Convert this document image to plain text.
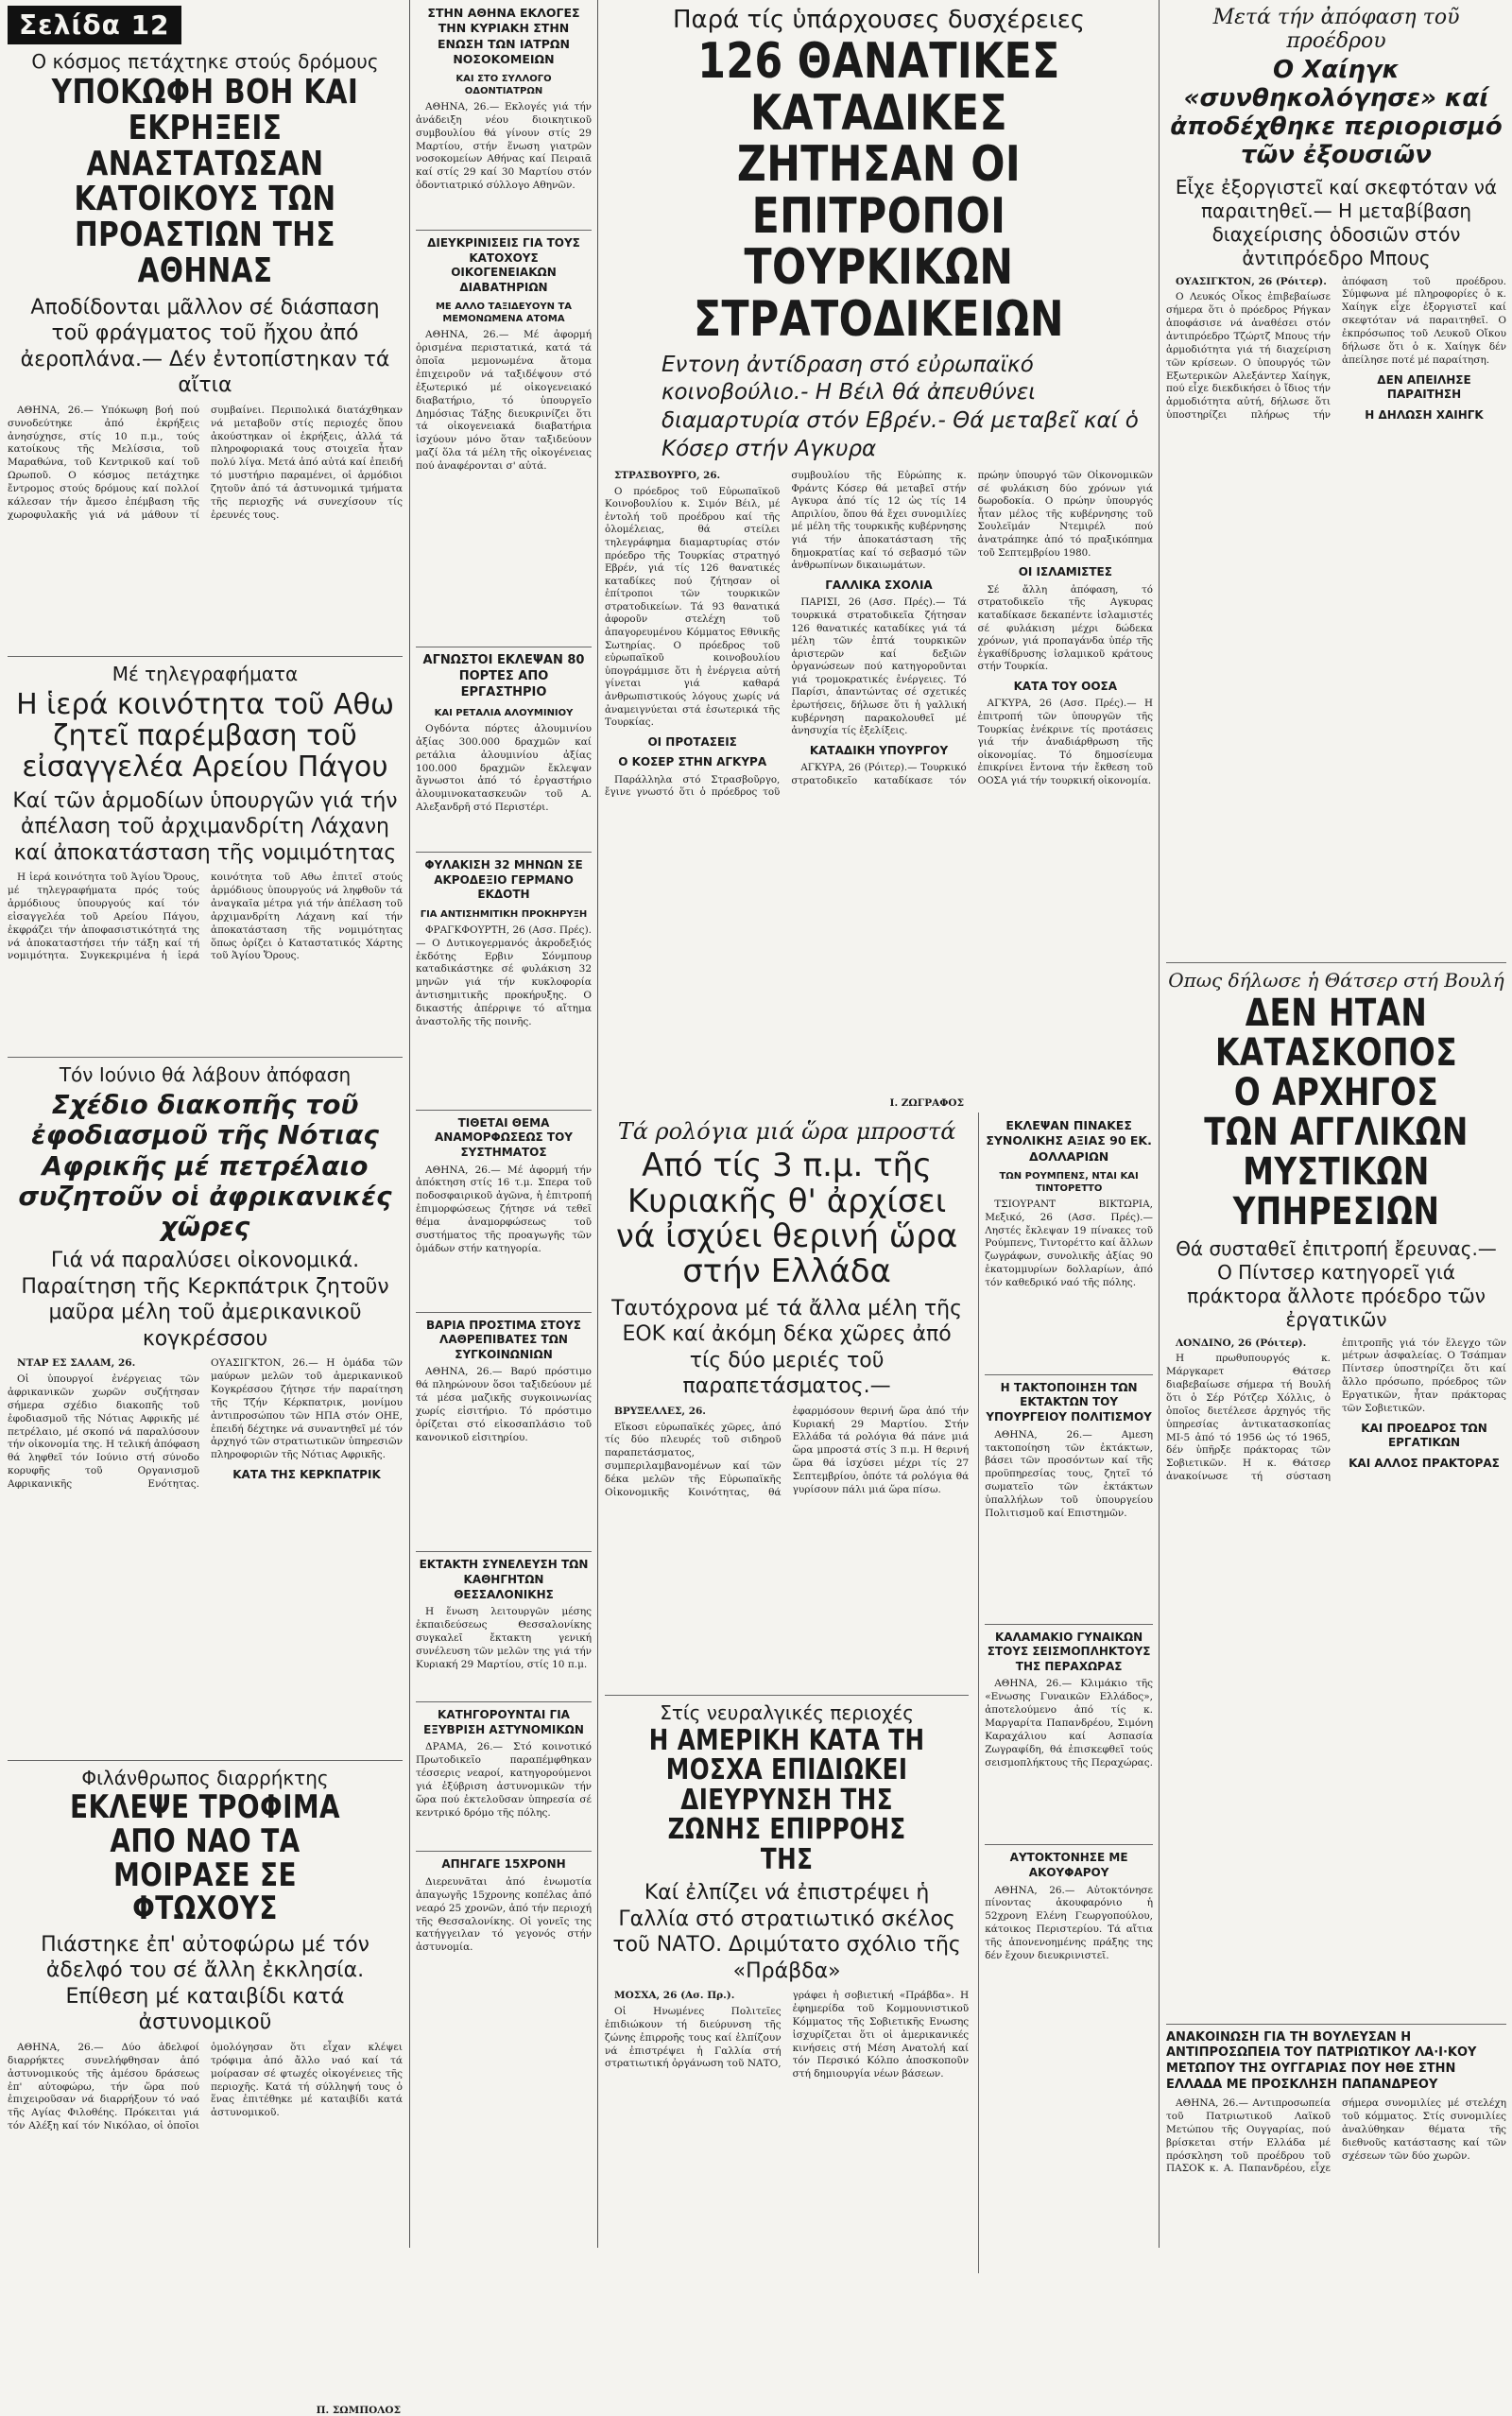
Σελίδα 12
Ο κόσμος πετάχτηκε στούς δρόμους
ΥΠΟΚΩΦΗ ΒΟΗ ΚΑΙ ΕΚΡΗΞΕΙΣ ΑΝΑΣΤΑΤΩΣΑΝ ΚΑΤΟΙΚΟΥΣ ΤΩΝ ΠΡΟΑΣΤΙΩΝ ΤΗΣ ΑΘΗΝΑΣ
Αποδίδονται μᾶλλον σέ διάσπαση τοῦ φράγματος τοῦ ἤχου ἀπό ἀεροπλάνα.— Δέν ἐντοπίστηκαν τά αἴτια

ΑΘΗΝΑ, 26.— Υπόκωφη βοή πού συνοδεύτηκε ἀπό ἐκρήξεις ἀνησύχησε, στίς 10 π.μ., τούς κατοίκους τῆς Μελίσσια, τοῦ Μαραθώνα, τοῦ Κεντρικοῦ καί τοῦ Ωρωποῦ. Ο κόσμος πετάχτηκε ἔντρομος στούς δρόμους καί πολλοί κάλεσαν τήν ἄμεσο ἐπέμβαση τῆς χωροφυλακῆς γιά νά μάθουν τί συμβαίνει. Περιπολικά διατάχθηκαν νά μεταβοῦν στίς περιοχές ὅπου ἀκούστηκαν οἱ ἐκρήξεις, ἀλλά τά πληροφοριακά τους στοιχεῖα ἦταν πολύ λίγα. Μετά ἀπό αὐτά καί ἐπειδή τό μυστήριο παραμένει, οἱ ἁρμόδιοι ζητοῦν ἀπό τά ἀστυνομικά τμήματα τῆς περιοχῆς νά συνεχίσουν τίς ἐρευνές τους.

Μέ τηλεγραφήματα
Η ἱερά κοινότητα τοῦ Αθω ζητεῖ παρέμβαση τοῦ εἰσαγγελέα Αρείου Πάγου
Καί τῶν ἁρμοδίων ὑπουργῶν γιά τήν ἀπέλαση τοῦ ἀρχιμανδρίτη Λάχανη καί ἀποκατάσταση τῆς νομιμότητας

Η ἱερά κοινότητα τοῦ Ἁγίου Ὄρους, μέ τηλεγραφήματα πρός τούς ἁρμόδιους ὑπουργούς καί τόν εἰσαγγελέα τοῦ Αρείου Πάγου, ἐκφράζει τήν ἀποφασιστικότητά της νά ἀποκαταστήσει τήν τάξη καί τή νομιμότητα. Συγκεκριμένα ἡ ἱερά κοινότητα τοῦ Αθω ἐπιτεῖ στούς ἁρμόδιους ὑπουργούς νά ληφθοῦν τά ἀναγκαῖα μέτρα γιά τήν ἀπέλαση τοῦ ἀρχιμανδρίτη Λάχανη καί τήν ἀποκατάσταση τῆς νομιμότητας ὅπως ὁρίζει ὁ Καταστατικός Χάρτης τοῦ Ἁγίου Ὄρους.

Τόν Ιούνιο θά λάβουν ἀπόφαση
Σχέδιο διακοπῆς τοῦ ἐφοδιασμοῦ τῆς Νότιας Αφρικῆς μέ πετρέλαιο συζητοῦν οἱ ἀφρικανικές χῶρες
Γιά νά παραλύσει οἰκονομικά. Παραίτηση τῆς Κερκπάτρικ ζητοῦν μαῦρα μέλη τοῦ ἀμερικανικοῦ κογκρέσσου

ΝΤΑΡ ΕΣ ΣΑΛΑΜ, 26.

Οἱ ὑπουργοί ἐνέργειας τῶν ἀφρικανικῶν χωρῶν συζήτησαν σήμερα σχέδιο διακοπῆς τοῦ ἐφοδιασμοῦ τῆς Νότιας Αφρικῆς μέ πετρέλαιο, μέ σκοπό νά παραλύσουν τήν οἰκονομία της. Η τελική ἀπόφαση θά ληφθεῖ τόν Ιούνιο στή σύνοδο κορυφῆς τοῦ Οργανισμοῦ Αφρικανικῆς Ενότητας. ΟΥΑΣΙΓΚΤΟΝ, 26.— Η ὁμάδα τῶν μαύρων μελῶν τοῦ ἀμερικανικοῦ Κογκρέσσου ζήτησε τήν παραίτηση τῆς Τζήν Κέρκπατρικ, μονίμου ἀντιπροσώπου τῶν ΗΠΑ στόν ΟΗΕ, ἐπειδή δέχτηκε νά συναντηθεῖ μέ τόν ἀρχηγό τῶν στρατιωτικῶν ὑπηρεσιῶν πληροφοριῶν τῆς Νότιας Αφρικῆς.

ΚΑΤΑ ΤΗΣ ΚΕΡΚΠΑΤΡΙΚ
Φιλάνθρωπος διαρρήκτης
ΕΚΛΕΨΕ ΤΡΟΦΙΜΑ ΑΠΟ ΝΑΟ ΤΑ ΜΟΙΡΑΣΕ ΣΕ ΦΤΩΧΟΥΣ
Πιάστηκε ἐπ' αὐτοφώρω μέ τόν ἀδελφό του σέ ἄλλη ἐκκλησία. Επίθεση μέ καταιβίδι κατά ἀστυνομικοῦ

ΑΘΗΝΑ, 26.— Δύο ἀδελφοί διαρρήκτες συνελήφθησαν ἀπό ἀστυνομικούς τῆς ἀμέσου δράσεως ἐπ' αὐτοφώρω, τήν ὥρα πού ἐπιχειροῦσαν νά διαρρήξουν τό ναό τῆς Αγίας Φιλοθέης. Πρόκειται γιά τόν Αλέξη καί τόν Νικόλαο, οἱ ὁποῖοι ὁμολόγησαν ὅτι εἶχαν κλέψει τρόφιμα ἀπό ἄλλο ναό καί τά μοίρασαν σέ φτωχές οἰκογένειες τῆς περιοχῆς. Κατά τή σύλληψή τους ὁ ἕνας ἐπιτέθηκε μέ καταιβίδι κατά ἀστυνομικοῦ.

Π. ΣΩΜΠΟΛΟΣ
ΣΤΗΝ ΑΘΗΝΑ ΕΚΛΟΓΕΣ ΤΗΝ ΚΥΡΙΑΚΗ ΣΤΗΝ ΕΝΩΣΗ ΤΩΝ ΙΑΤΡΩΝ ΝΟΣΟΚΟΜΕΙΩΝ
ΚΑΙ ΣΤΟ ΣΥΛΛΟΓΟ ΟΔΟΝΤΙΑΤΡΩΝ

ΑΘΗΝΑ, 26.— Εκλογές γιά τήν ἀνάδειξη νέου διοικητικοῦ συμβουλίου θά γίνουν στίς 29 Μαρτίου, στήν ἕνωση γιατρῶν νοσοκομείων Αθήνας καί Πειραιᾶ καί στίς 29 καί 30 Μαρτίου στόν ὀδοντιατρικό σύλλογο Αθηνῶν.

ΔΙΕΥΚΡΙΝΙΣΕΙΣ ΓΙΑ ΤΟΥΣ ΚΑΤΟΧΟΥΣ ΟΙΚΟΓΕΝΕΙΑΚΩΝ ΔΙΑΒΑΤΗΡΙΩΝ
ΜΕ ΑΛΛΟ ΤΑΞΙΔΕΥΟΥΝ ΤΑ ΜΕΜΟΝΩΜΕΝΑ ΑΤΟΜΑ

ΑΘΗΝΑ, 26.— Μέ ἀφορμή ὁρισμένα περιστατικά, κατά τά ὁποῖα μεμονωμένα ἄτομα ἐπιχειροῦν νά ταξιδέψουν στό ἐξωτερικό μέ οἰκογενειακό διαβατήριο, τό ὑπουργεῖο Δημόσιας Τάξης διευκρινίζει ὅτι τά οἰκογενειακά διαβατήρια ἰσχύουν μόνο ὅταν ταξιδεύουν μαζί ὅλα τά μέλη τῆς οἰκογένειας πού ἀναφέρονται σ' αὐτά.

ΑΓΝΩΣΤΟΙ ΕΚΛΕΨΑΝ 80 ΠΟΡΤΕΣ ΑΠΟ ΕΡΓΑΣΤΗΡΙΟ
ΚΑΙ ΡΕΤΑΛΙΑ ΑΛΟΥΜΙΝΙΟΥ

Ογδόντα πόρτες ἀλουμινίου ἀξίας 300.000 δραχμῶν καί ρετάλια ἀλουμινίου ἀξίας 100.000 δραχμῶν ἔκλεψαν ἄγνωστοι ἀπό τό ἐργαστήριο ἀλουμινοκατασκευῶν τοῦ Α. Αλεξανδρῆ στό Περιστέρι.

ΦΥΛΑΚΙΣΗ 32 ΜΗΝΩΝ ΣΕ ΑΚΡΟΔΕΞΙΟ ΓΕΡΜΑΝΟ ΕΚΔΟΤΗ
ΓΙΑ ΑΝΤΙΣΗΜΙΤΙΚΗ ΠΡΟΚΗΡΥΞΗ

ΦΡΑΓΚΦΟΥΡΤΗ, 26 (Ασσ. Πρές).— Ο Δυτικογερμανός ἀκροδεξιός ἐκδότης Ερβιν Σόνμπουρ καταδικάστηκε σέ φυλάκιση 32 μηνῶν γιά τήν κυκλοφορία ἀντισημιτικῆς προκήρυξης. Ο δικαστής ἀπέρριψε τό αἴτημα ἀναστολῆς τῆς ποινῆς.

ΤΙΘΕΤΑΙ ΘΕΜΑ ΑΝΑΜΟΡΦΩΣΕΩΣ ΤΟΥ ΣΥΣΤΗΜΑΤΟΣ

ΑΘΗΝΑ, 26.— Μέ ἀφορμή τήν ἀπόκτηση στίς 16 τ.μ. Σπερα τοῦ ποδοσφαιρικοῦ ἀγῶνα, ἡ ἐπιτροπή ἐπιμορφώσεως ζήτησε νά τεθεῖ θέμα ἀναμορφώσεως τοῦ συστήματος τῆς προαγωγῆς τῶν ὁμάδων στήν κατηγορία.

ΒΑΡΙΑ ΠΡΟΣΤΙΜΑ ΣΤΟΥΣ ΛΑΘΡΕΠΙΒΑΤΕΣ ΤΩΝ ΣΥΓΚΟΙΝΩΝΙΩΝ

ΑΘΗΝΑ, 26.— Βαρύ πρόστιμο θά πληρώνουν ὅσοι ταξιδεύουν μέ τά μέσα μαζικῆς συγκοινωνίας χωρίς εἰσιτήριο. Τό πρόστιμο ὁρίζεται στό εἰκοσαπλάσιο τοῦ κανονικοῦ εἰσιτηρίου.

ΕΚΤΑΚΤΗ ΣΥΝΕΛΕΥΣΗ ΤΩΝ ΚΑΘΗΓΗΤΩΝ ΘΕΣΣΑΛΟΝΙΚΗΣ

Η ἕνωση λειτουργῶν μέσης ἐκπαιδεύσεως Θεσσαλονίκης συγκαλεῖ ἔκτακτη γενική συνέλευση τῶν μελῶν της γιά τήν Κυριακή 29 Μαρτίου, στίς 10 π.μ.

ΚΑΤΗΓΟΡΟΥΝΤΑΙ ΓΙΑ ΕΞΥΒΡΙΣΗ ΑΣΤΥΝΟΜΙΚΩΝ

ΔΡΑΜΑ, 26.— Στό κοινοτικό Πρωτοδικεῖο παραπέμφθηκαν τέσσερις νεαροί, κατηγορούμενοι γιά ἐξύβριση ἀστυνομικῶν τήν ὥρα πού ἐκτελοῦσαν ὑπηρεσία σέ κεντρικό δρόμο τῆς πόλης.

ΑΠΗΓΑΓΕ 15ΧΡΟΝΗ

Διερευνᾶται ἀπό ἐνωμοτία ἀπαγωγῆς 15χρονης κοπέλας ἀπό νεαρό 25 χρονῶν, ἀπό τήν περιοχή τῆς Θεσσαλονίκης. Οἱ γονεῖς της κατήγγειλαν τό γεγονός στήν ἀστυνομία.

Παρά τίς ὑπάρχουσες δυσχέρειες
126 ΘΑΝΑΤΙΚΕΣ ΚΑΤΑΔΙΚΕΣ ΖΗΤΗΣΑΝ ΟΙ ΕΠΙΤΡΟΠΟΙ ΤΟΥΡΚΙΚΩΝ ΣΤΡΑΤΟΔΙΚΕΙΩΝ
Εντονη ἀντίδραση στό εὐρωπαϊκό κοινοβούλιο.- Η Βέιλ θά ἀπευθύνει διαμαρτυρία στόν Εβρέν.- Θά μεταβεῖ καί ὁ Κόσερ στήν Αγκυρα

ΣΤΡΑΣΒΟΥΡΓΟ, 26.

Ο πρόεδρος τοῦ Εὐρωπαϊκοῦ Κοινοβουλίου κ. Σιμόν Βέιλ, μέ ἐντολή τοῦ προέδρου καί τῆς ὁλομέλειας, θά στείλει τηλεγράφημα διαμαρτυρίας στόν πρόεδρο τῆς Τουρκίας στρατηγό Εβρέν, γιά τίς 126 θανατικές καταδίκες πού ζήτησαν οἱ ἐπίτροποι τῶν τουρκικῶν στρατοδικείων. Τά 93 θανατικά ἀφοροῦν στελέχη τοῦ ἀπαγορευμένου Κόμματος Εθνικῆς Σωτηρίας. Ο πρόεδρος τοῦ εὐρωπαϊκοῦ κοινοβουλίου ὑπογράμμισε ὅτι ἡ ἐνέργεια αὐτή γίνεται γιά καθαρά ἀνθρωπιστικούς λόγους χωρίς νά ἀναμειγνύεται στά ἐσωτερικά τῆς Τουρκίας.

ΟΙ ΠΡΟΤΑΣΕΙΣ
Ο ΚΟΣΕΡ ΣΤΗΝ ΑΓΚΥΡΑ

Παράλληλα στό Στρασβοῦργο, ἔγινε γνωστό ὅτι ὁ πρόεδρος τοῦ συμβουλίου τῆς Εὐρώπης κ. Φράντς Κόσερ θά μεταβεῖ στήν Αγκυρα ἀπό τίς 12 ὡς τίς 14 Απριλίου, ὅπου θά ἔχει συνομιλίες μέ μέλη τῆς τουρκικῆς κυβέρνησης γιά τήν ἀποκατάσταση τῆς δημοκρατίας καί τό σεβασμό τῶν ἀνθρωπίνων δικαιωμάτων.

ΓΑΛΛΙΚΑ ΣΧΟΛΙΑ

ΠΑΡΙΣΙ, 26 (Ασσ. Πρές).— Τά τουρκικά στρατοδικεῖα ζήτησαν 126 θανατικές καταδίκες γιά τά μέλη τῶν ἐπτά τουρκικῶν ἀριστερῶν καί δεξιῶν ὀργανώσεων πού κατηγοροῦνται γιά τρομοκρατικές ἐνέργειες. Τό Παρίσι, ἀπαντώντας σέ σχετικές ἐρωτήσεις, δήλωσε ὅτι ἡ γαλλική κυβέρνηση παρακολουθεῖ μέ ἀνησυχία τίς ἐξελίξεις.

ΚΑΤΑΔΙΚΗ ΥΠΟΥΡΓΟΥ

ΑΓΚΥΡΑ, 26 (Ρόιτερ).— Τουρκικό στρατοδικεῖο καταδίκασε τόν πρώην ὑπουργό τῶν Οἰκονομικῶν σέ φυλάκιση δύο χρόνων γιά δωροδοκία. Ο πρώην ὑπουργός ἦταν μέλος τῆς κυβέρνησης τοῦ Σουλεϊμάν Ντεμιρέλ πού ἀνατράπηκε ἀπό τό πραξικόπημα τοῦ Σεπτεμβρίου 1980.

ΟΙ ΙΣΛΑΜΙΣΤΕΣ

Σέ ἄλλη ἀπόφαση, τό στρατοδικεῖο τῆς Αγκυρας καταδίκασε δεκαπέντε ἰσλαμιστές σέ φυλάκιση μέχρι δώδεκα χρόνων, γιά προπαγάνδα ὑπέρ τῆς ἐγκαθίδρυσης ἰσλαμικοῦ κράτους στήν Τουρκία.

ΚΑΤΑ ΤΟΥ ΟΟΣΑ

ΑΓΚΥΡΑ, 26 (Ασσ. Πρές).— Η ἐπιτροπή τῶν ὑπουργῶν τῆς Τουρκίας ἐνέκρινε τίς προτάσεις γιά τήν ἀναδιάρθρωση τῆς οἰκονομίας. Τό δημοσίευμα ἐπικρίνει ἔντονα τήν ἔκθεση τοῦ ΟΟΣΑ γιά τήν τουρκική οἰκονομία.

Ι. ΖΩΓΡΑΦΟΣ
Τά ρολόγια μιά ὥρα μπροστά
Από τίς 3 π.μ. τῆς Κυριακῆς θ' ἀρχίσει νά ἰσχύει θερινή ὥρα στήν Ελλάδα
Ταυτόχρονα μέ τά ἄλλα μέλη τῆς ΕΟΚ καί ἀκόμη δέκα χῶρες ἀπό τίς δύο μεριές τοῦ παραπετάσματος.—

ΒΡΥΞΕΛΛΕΣ, 26.

Εἴκοσι εὐρωπαϊκές χῶρες, ἀπό τίς δύο πλευρές τοῦ σιδηροῦ παραπετάσματος, συμπεριλαμβανομένων καί τῶν δέκα μελῶν τῆς Εὐρωπαϊκῆς Οἰκονομικῆς Κοινότητας, θά ἐφαρμόσουν θερινή ὥρα ἀπό τήν Κυριακή 29 Μαρτίου. Στήν Ελλάδα τά ρολόγια θά πάνε μιά ὥρα μπροστά στίς 3 π.μ. Η θερινή ὥρα θά ἰσχύσει μέχρι τίς 27 Σεπτεμβρίου, ὁπότε τά ρολόγια θά γυρίσουν πάλι μιά ὥρα πίσω.

Στίς νευραλγικές περιοχές
Η ΑΜΕΡΙΚΗ ΚΑΤΑ ΤΗ ΜΟΣΧΑ ΕΠΙΔΙΩΚΕΙ ΔΙΕΥΡΥΝΣΗ ΤΗΣ ΖΩΝΗΣ ΕΠΙΡΡΟΗΣ ΤΗΣ
Καί ἐλπίζει νά ἐπιστρέψει ἡ Γαλλία στό στρατιωτικό σκέλος τοῦ ΝΑΤΟ. Δριμύτατο σχόλιο τῆς «Πράβδα»

ΜΟΣΧΑ, 26 (Ασ. Πρ.).

Οἱ Ηνωμένες Πολιτεῖες ἐπιδιώκουν τή διεύρυνση τῆς ζώνης ἐπιρροῆς τους καί ἐλπίζουν νά ἐπιστρέψει ἡ Γαλλία στή στρατιωτική ὀργάνωση τοῦ ΝΑΤΟ, γράφει ἡ σοβιετική «Πράβδα». Η ἐφημερίδα τοῦ Κομμουνιστικοῦ Κόμματος τῆς Σοβιετικῆς Ενωσης ἰσχυρίζεται ὅτι οἱ ἀμερικανικές κινήσεις στή Μέση Ανατολή καί τόν Περσικό Κόλπο ἀποσκοποῦν στή δημιουργία νέων βάσεων.

ΕΚΛΕΨΑΝ ΠΙΝΑΚΕΣ ΣΥΝΟΛΙΚΗΣ ΑΞΙΑΣ 90 ΕΚ. ΔΟΛΛΑΡΙΩΝ
ΤΩΝ ΡΟΥΜΠΕΝΣ, ΝΤΑΙ ΚΑΙ ΤΙΝΤΟΡΕΤΤΟ

ΤΣΙΟΥΡΑΝΤ ΒΙΚΤΩΡΙΑ, Μεξικό, 26 (Ασσ. Πρές).— Ληστές ἔκλεψαν 19 πίνακες τοῦ Ρούμπενς, Τιντορέττο καί ἄλλων ζωγράφων, συνολικῆς ἀξίας 90 ἑκατομμυρίων δολλαρίων, ἀπό τόν καθεδρικό ναό τῆς πόλης.

Η ΤΑΚΤΟΠΟΙΗΣΗ ΤΩΝ ΕΚΤΑΚΤΩΝ ΤΟΥ ΥΠΟΥΡΓΕΙΟΥ ΠΟΛΙΤΙΣΜΟΥ

ΑΘΗΝΑ, 26.— Αμεση τακτοποίηση τῶν ἐκτάκτων, βάσει τῶν προσόντων καί τῆς προϋπηρεσίας τους, ζητεῖ τό σωματεῖο τῶν ἐκτάκτων ὑπαλλήλων τοῦ ὑπουργείου Πολιτισμοῦ καί Επιστημῶν.

ΚΑΛΑΜΑΚΙΟ ΓΥΝΑΙΚΩΝ ΣΤΟΥΣ ΣΕΙΣΜΟΠΛΗΚΤΟΥΣ ΤΗΣ ΠΕΡΑΧΩΡΑΣ

ΑΘΗΝΑ, 26.— Κλιμάκιο τῆς «Ενωσης Γυναικῶν Ελλάδος», ἀποτελούμενο ἀπό τίς κ. Μαργαρίτα Παπανδρέου, Σιμόνη Καραχάλιου καί Ασπασία Ζωγραφίδη, θά ἐπισκεφθεῖ τούς σεισμοπλήκτους τῆς Περαχώρας.

ΑΥΤΟΚΤΟΝΗΣΕ ΜΕ ΑΚΟΥΦΑΡΟΥ

ΑΘΗΝΑ, 26.— Αὐτοκτόνησε πίνοντας ἀκουφαρόνιο ἡ 52χρονη Ελένη Γεωργοπούλου, κάτοικος Περιστερίου. Τά αἴτια τῆς ἀπονενοημένης πράξης της δέν ἔχουν διευκρινιστεῖ.

Μετά τήν ἀπόφαση τοῦ προέδρου
Ο Χαίηγκ «συνθηκολόγησε» καί ἀποδέχθηκε περιορισμό τῶν ἐξουσιῶν
Εἶχε ἐξοργιστεῖ καί σκεφτόταν νά παραιτηθεῖ.— Η μεταβίβαση διαχείρισης ὁδοσιῶν στόν ἀντιπρόεδρο Μπους

ΟΥΑΣΙΓΚΤΟΝ, 26 (Ρόιτερ).

Ο Λευκός Οἶκος ἐπιβεβαίωσε σήμερα ὅτι ὁ πρόεδρος Ρήγκαν ἀποφάσισε νά ἀναθέσει στόν ἀντιπρόεδρο Τζώρτζ Μπους τήν ἀρμοδιότητα γιά τή διαχείριση τῶν κρίσεων. Ο ὑπουργός τῶν Εξωτερικῶν Αλεξάντερ Χαίηγκ, πού εἶχε διεκδικήσει ὁ ἴδιος τήν ἀρμοδιότητα αὐτή, δήλωσε ὅτι ὑποστηρίζει πλήρως τήν ἀπόφαση τοῦ προέδρου. Σύμφωνα μέ πληροφορίες ὁ κ. Χαίηγκ εἶχε ἐξοργιστεῖ καί σκεφτόταν νά παραιτηθεῖ. Ο ἐκπρόσωπος τοῦ Λευκοῦ Οἴκου δήλωσε ὅτι ὁ κ. Χαίηγκ δέν ἀπείλησε ποτέ μέ παραίτηση.

ΔΕΝ ΑΠΕΙΛΗΣΕ ΠΑΡΑΙΤΗΣΗ
Η ΔΗΛΩΣΗ ΧΑΙΗΓΚ
Οπως δήλωσε ἡ Θάτσερ στή Βουλή
ΔΕΝ ΗΤΑΝ ΚΑΤΑΣΚΟΠΟΣ Ο ΑΡΧΗΓΟΣ ΤΩΝ ΑΓΓΛΙΚΩΝ ΜΥΣΤΙΚΩΝ ΥΠΗΡΕΣΙΩΝ
Θά συσταθεῖ ἐπιτροπή ἔρευνας.— Ο Πίντσερ κατηγορεῖ γιά πράκτορα ἄλλοτε πρόεδρο τῶν ἐργατικῶν

ΛΟΝΔΙΝΟ, 26 (Ρόιτερ).

Η πρωθυπουργός κ. Μάργκαρετ Θάτσερ διαβεβαίωσε σήμερα τή Βουλή ὅτι ὁ Σέρ Ρότζερ Χόλλις, ὁ ὁποῖος διετέλεσε ἀρχηγός τῆς ὑπηρεσίας ἀντικατασκοπίας ΜΙ-5 ἀπό τό 1956 ὡς τό 1965, δέν ὑπῆρξε πράκτορας τῶν Σοβιετικῶν. Η κ. Θάτσερ ἀνακοίνωσε τή σύσταση ἐπιτροπῆς γιά τόν ἔλεγχο τῶν μέτρων ἀσφαλείας. Ο Τσάπμαν Πίντσερ ὑποστηρίζει ὅτι καί ἄλλο πρόσωπο, πρόεδρος τῶν Εργατικῶν, ἦταν πράκτορας τῶν Σοβιετικῶν.

ΚΑΙ ΠΡΟΕΔΡΟΣ ΤΩΝ ΕΡΓΑΤΙΚΩΝ
ΚΑΙ ΑΛΛΟΣ ΠΡΑΚΤΟΡΑΣ
ΑΝΑΚΟΙΝΩΣΗ ΓΙΑ ΤΗ ΒΟΥΛΕΥΣΑΝ Η ΑΝΤΙΠΡΟΣΩΠΕΙΑ ΤΟΥ ΠΑΤΡΙΩΤΙΚΟΥ ΛΑ·Ι·ΚΟΥ ΜΕΤΩΠΟΥ ΤΗΣ ΟΥΓΓΑΡΙΑΣ ΠΟΥ ΗΘΕ ΣΤΗΝ ΕΛΛΑΔΑ ΜΕ ΠΡΟΣΚΛΗΣΗ ΠΑΠΑΝΔΡΕΟΥ

ΑΘΗΝΑ, 26.— Αντιπροσωπεία τοῦ Πατριωτικοῦ Λαϊκοῦ Μετώπου τῆς Ουγγαρίας, πού βρίσκεται στήν Ελλάδα μέ πρόσκληση τοῦ προέδρου τοῦ ΠΑΣΟΚ κ. Α. Παπανδρέου, εἶχε σήμερα συνομιλίες μέ στελέχη τοῦ κόμματος. Στίς συνομιλίες ἀναλύθηκαν θέματα τῆς διεθνοῦς κατάστασης καί τῶν σχέσεων τῶν δύο χωρῶν.
